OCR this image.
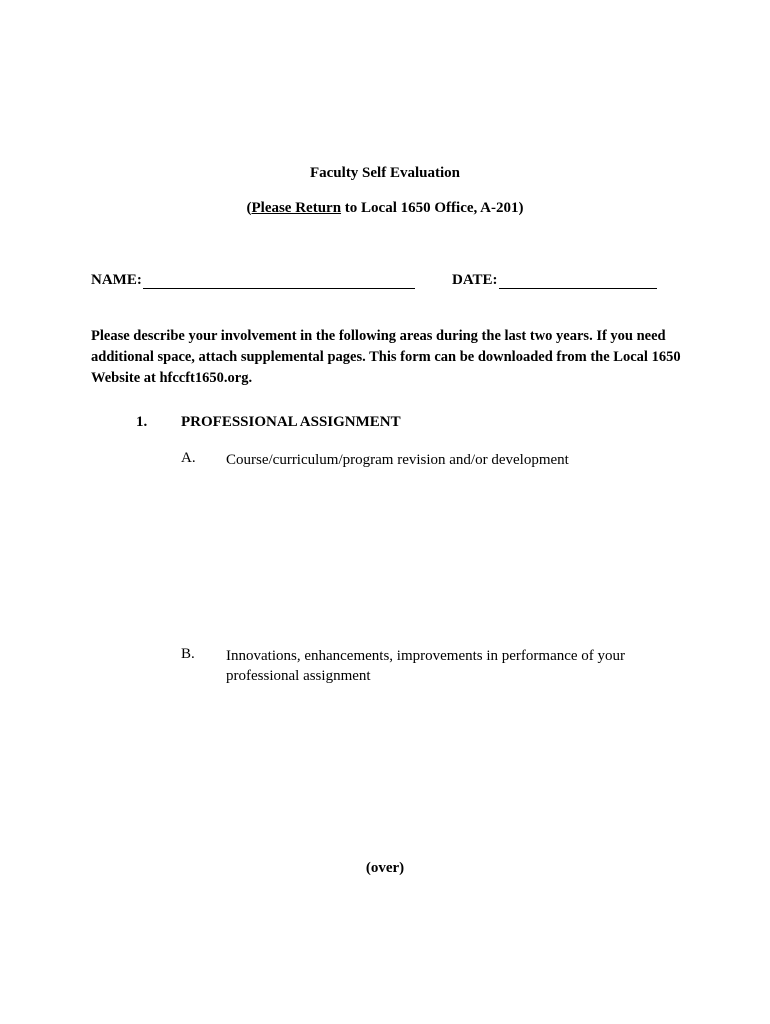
Faculty Self Evaluation
(Please Return to Local 1650 Office, A-201)
NAME:	DATE:
Please describe your involvement in the following areas during the last two years. If you need additional space, attach supplemental pages. This form can be downloaded from the Local 1650 Website at hfccft1650.org.
1. PROFESSIONAL ASSIGNMENT
A. Course/curriculum/program revision and/or development
B. Innovations, enhancements, improvements in performance of your professional assignment
(over)
